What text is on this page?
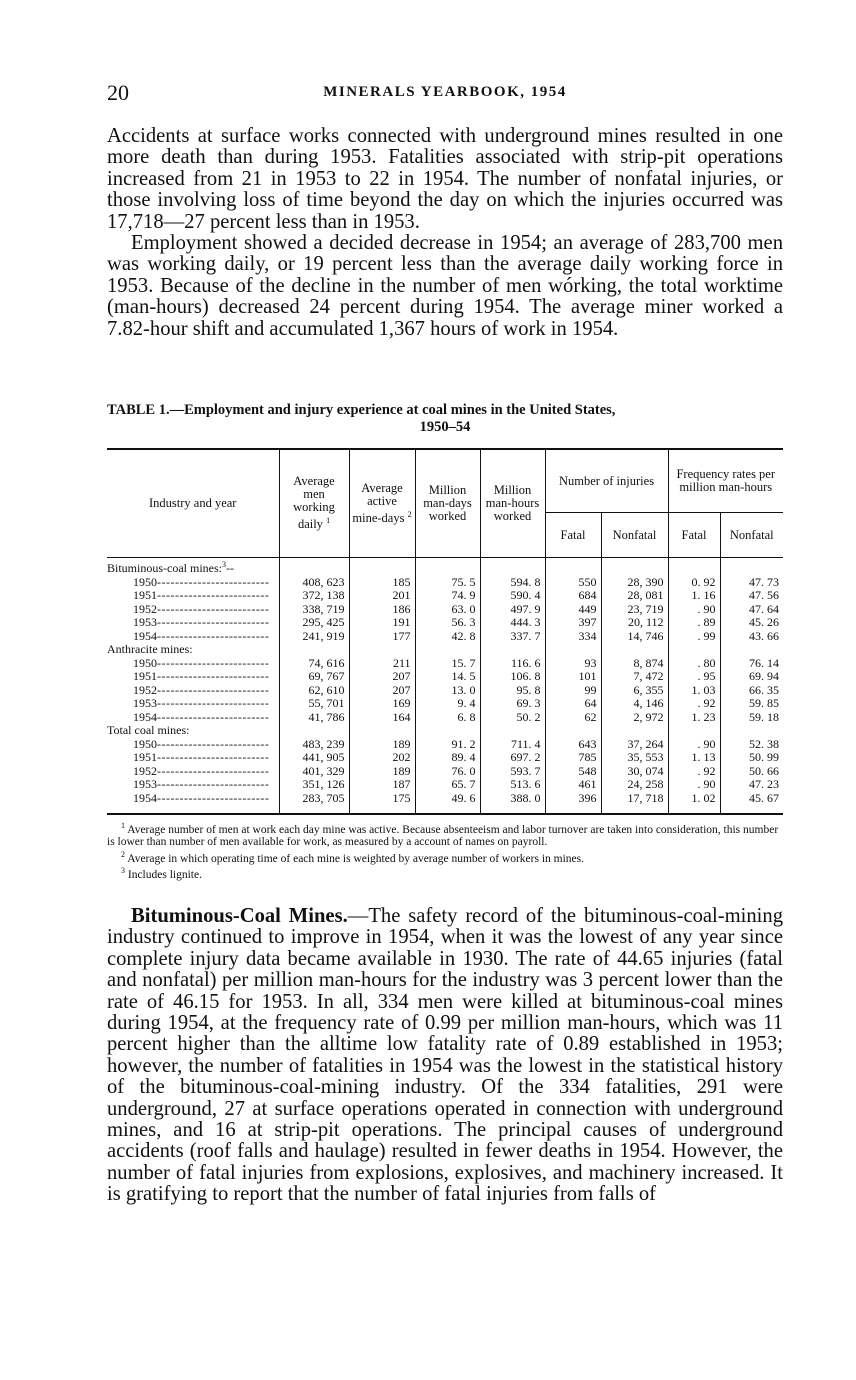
20	MINERALS YEARBOOK, 1954

Accidents at surface works connected with underground mines resulted in one more death than during 1953. Fatalities associated with strip-pit operations increased from 21 in 1953 to 22 in 1954. The number of nonfatal injuries, or those involving loss of time beyond the day on which the injuries occurred was 17,718—27 percent less than in 1953.

Employment showed a decided decrease in 1954; an average of 283,700 men was working daily, or 19 percent less than the average daily working force in 1953. Because of the decline in the number of men wórking, the total worktime (man-hours) decreased 24 percent during 1954. The average miner worked a 7.82-hour shift and accumulated 1,367 hours of work in 1954.

TABLE 1.—Employment and injury experience at coal mines in the United States,
1950–54
Industry and year	Average men working daily $^1$	Average active mine-days $^2$	Million man-days worked	Million man-hours worked	Number of injuries		Frequency rates per million man-hours	
					Fatal	Nonfatal	Fatal	Nonfatal
Bituminous-coal mines:$^3$--								
1950-------------------------	408, 623	185	75. 5	594. 8	550	28, 390	0. 92	47. 73
1951-------------------------	372, 138	201	74. 9	590. 4	684	28, 081	1. 16	47. 56
1952-------------------------	338, 719	186	63. 0	497. 9	449	23, 719	. 90	47. 64
1953-------------------------	295, 425	191	56. 3	444. 3	397	20, 112	. 89	45. 26
1954-------------------------	241, 919	177	42. 8	337. 7	334	14, 746	. 99	43. 66
Anthracite mines:								
1950-------------------------	74, 616	211	15. 7	116. 6	93	8, 874	. 80	76. 14
1951-------------------------	69, 767	207	14. 5	106. 8	101	7, 472	. 95	69. 94
1952-------------------------	62, 610	207	13. 0	95. 8	99	6, 355	1. 03	66. 35
1953-------------------------	55, 701	169	9. 4	69. 3	64	4, 146	. 92	59. 85
1954-------------------------	41, 786	164	6. 8	50. 2	62	2, 972	1. 23	59. 18
Total coal mines:								
1950-------------------------	483, 239	189	91. 2	711. 4	643	37, 264	. 90	52. 38
1951-------------------------	441, 905	202	89. 4	697. 2	785	35, 553	1. 13	50. 99
1952-------------------------	401, 329	189	76. 0	593. 7	548	30, 074	. 92	50. 66
1953-------------------------	351, 126	187	65. 7	513. 6	461	24, 258	. 90	47. 23
1954-------------------------	283, 705	175	49. 6	388. 0	396	17, 718	1. 02	45. 67

$^1$ Average number of men at work each day mine was active. Because absenteeism and labor turnover are taken into consideration, this number is lower than number of men available for work, as measured by a account of names on payroll.

$^2$ Average in which operating time of each mine is weighted by average number of workers in mines.

$^3$ Includes lignite.

Bituminous-Coal Mines.—The safety record of the bituminous-coal-mining industry continued to improve in 1954, when it was the lowest of any year since complete injury data became available in 1930. The rate of 44.65 injuries (fatal and nonfatal) per million man-hours for the industry was 3 percent lower than the rate of 46.15 for 1953. In all, 334 men were killed at bituminous-coal mines during 1954, at the frequency rate of 0.99 per million man-hours, which was 11 percent higher than the alltime low fatality rate of 0.89 established in 1953; however, the number of fatalities in 1954 was the lowest in the statistical history of the bituminous-coal-mining industry. Of the 334 fatalities, 291 were underground, 27 at surface operations operated in connection with underground mines, and 16 at strip-pit operations. The principal causes of underground accidents (roof falls and haulage) resulted in fewer deaths in 1954. However, the number of fatal injuries from explosions, explosives, and machinery increased. It is gratifying to report that the number of fatal injuries from falls of
